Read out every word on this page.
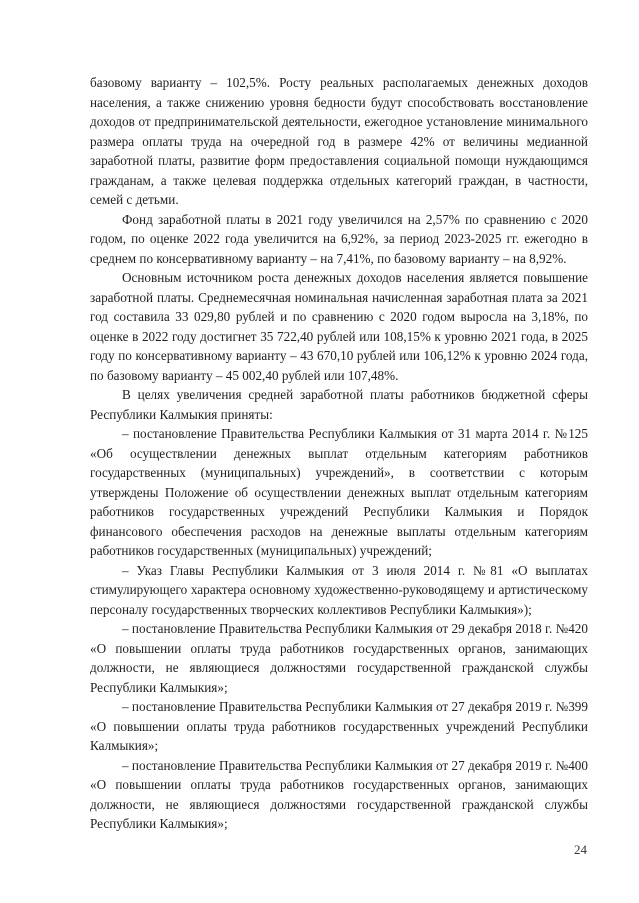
базовому варианту – 102,5%. Росту реальных располагаемых денежных доходов населения, а также снижению уровня бедности будут способствовать восстановление доходов от предпринимательской деятельности, ежегодное установление минимального размера оплаты труда на очередной год в размере 42% от величины медианной заработной платы, развитие форм предоставления социальной помощи нуждающимся гражданам, а также целевая поддержка отдельных категорий граждан, в частности, семей с детьми.

Фонд заработной платы в 2021 году увеличился на 2,57% по сравнению с 2020 годом, по оценке 2022 года увеличится на 6,92%, за период 2023-2025 гг. ежегодно в среднем по консервативному варианту – на 7,41%, по базовому варианту – на 8,92%.

Основным источником роста денежных доходов населения является повышение заработной платы. Среднемесячная номинальная начисленная заработная плата за 2021 год составила 33 029,80 рублей и по сравнению с 2020 годом выросла на 3,18%, по оценке в 2022 году достигнет 35 722,40 рублей или 108,15% к уровню 2021 года, в 2025 году по консервативному варианту – 43 670,10 рублей или 106,12% к уровню 2024 года, по базовому варианту – 45 002,40 рублей или 107,48%.

В целях увеличения средней заработной платы работников бюджетной сферы Республики Калмыкия приняты:

– постановление Правительства Республики Калмыкия от 31 марта 2014 г. №125 «Об осуществлении денежных выплат отдельным категориям работников государственных (муниципальных) учреждений», в соответствии с которым утверждены Положение об осуществлении денежных выплат отдельным категориям работников государственных учреждений Республики Калмыкия и Порядок финансового обеспечения расходов на денежные выплаты отдельным категориям работников государственных (муниципальных) учреждений;

– Указ Главы Республики Калмыкия от 3 июля 2014 г. №81 «О выплатах стимулирующего характера основному художественно-руководящему и артистическому персоналу государственных творческих коллективов Республики Калмыкия»);

– постановление Правительства Республики Калмыкия от 29 декабря 2018 г. №420 «О повышении оплаты труда работников государственных органов, занимающих должности, не являющиеся должностями государственной гражданской службы Республики Калмыкия»;

– постановление Правительства Республики Калмыкия от 27 декабря 2019 г. №399 «О повышении оплаты труда работников государственных учреждений Республики Калмыкия»;

– постановление Правительства Республики Калмыкия от 27 декабря 2019 г. №400 «О повышении оплаты труда работников государственных органов, занимающих должности, не являющиеся должностями государственной гражданской службы Республики Калмыкия»;

24
